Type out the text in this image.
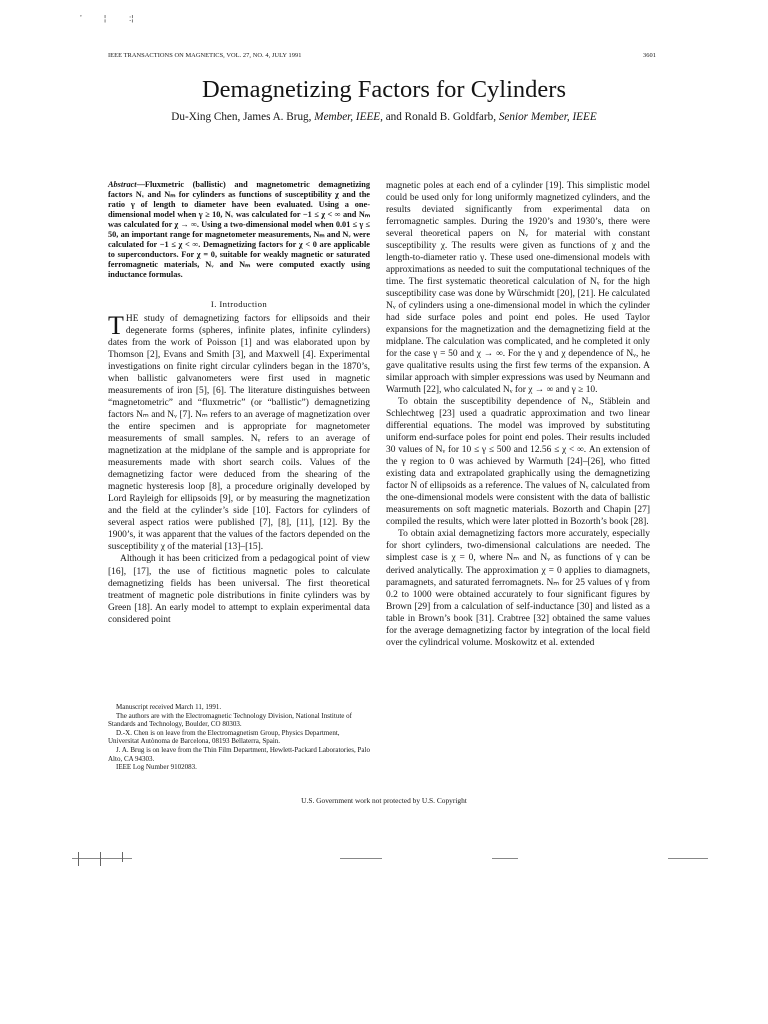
’	¦	:¦
IEEE TRANSACTIONS ON MAGNETICS, VOL. 27, NO. 4, JULY 1991	3601
Demagnetizing Factors for Cylinders
Du-Xing Chen, James A. Brug, Member, IEEE, and Ronald B. Goldfarb, Senior Member, IEEE
Abstract—Fluxmetric (ballistic) and magnetometric demagnetizing factors Nᵥ and Nₘ for cylinders as functions of susceptibility χ and the ratio γ of length to diameter have been evaluated. Using a one-dimensional model when γ ≥ 10, Nᵥ was calculated for −1 ≤ χ < ∞ and Nₘ was calculated for χ → ∞. Using a two-dimensional model when 0.01 ≤ γ ≤ 50, an important range for magnetometer measurements, Nₘ and Nᵥ were calculated for −1 ≤ χ < ∞. Demagnetizing factors for χ < 0 are applicable to superconductors. For χ = 0, suitable for weakly magnetic or saturated ferromagnetic materials, Nᵥ and Nₘ were computed exactly using inductance formulas.
I. Introduction

THE study of demagnetizing factors for ellipsoids and their degenerate forms (spheres, infinite plates, infinite cylinders) dates from the work of Poisson [1] and was elaborated upon by Thomson [2], Evans and Smith [3], and Maxwell [4]. Experimental investigations on finite right circular cylinders began in the 1870’s, when ballistic galvanometers were first used in magnetic measurements of iron [5], [6]. The literature distinguishes between “magnetometric” and “fluxmetric” (or “ballistic”) demagnetizing factors Nₘ and Nᵥ [7]. Nₘ refers to an average of magnetization over the entire specimen and is appropriate for magnetometer measurements of small samples. Nᵥ refers to an average of magnetization at the midplane of the sample and is appropriate for measurements made with short search coils. Values of the demagnetizing factor were deduced from the shearing of the magnetic hysteresis loop [8], a procedure originally developed by Lord Rayleigh for ellipsoids [9], or by measuring the magnetization and the field at the cylinder’s side [10]. Factors for cylinders of several aspect ratios were published [7], [8], [11], [12]. By the 1900’s, it was apparent that the values of the factors depended on the susceptibility χ of the material [13]–[15].

Although it has been criticized from a pedagogical point of view [16], [17], the use of fictitious magnetic poles to calculate demagnetizing fields has been universal. The first theoretical treatment of magnetic pole distributions in finite cylinders was by Green [18]. An early model to attempt to explain experimental data considered point

Manuscript received March 11, 1991.

The authors are with the Electromagnetic Technology Division, National Institute of Standards and Technology, Boulder, CO 80303.

D.-X. Chen is on leave from the Electromagnetism Group, Physics Department, Universitat Autònoma de Barcelona, 08193 Bellaterra, Spain.

J. A. Brug is on leave from the Thin Film Department, Hewlett-Packard Laboratories, Palo Alto, CA 94303.

IEEE Log Number 9102083.

magnetic poles at each end of a cylinder [19]. This simplistic model could be used only for long uniformly magnetized cylinders, and the results deviated significantly from experimental data on ferromagnetic samples. During the 1920’s and 1930’s, there were several theoretical papers on Nᵥ for material with constant susceptibility χ. The results were given as functions of χ and the length-to-diameter ratio γ. These used one-dimensional models with approximations as needed to suit the computational techniques of the time. The first systematic theoretical calculation of Nᵥ for the high susceptibility case was done by Würschmidt [20], [21]. He calculated Nᵥ of cylinders using a one-dimensional model in which the cylinder had side surface poles and point end poles. He used Taylor expansions for the magnetization and the demagnetizing field at the midplane. The calculation was complicated, and he completed it only for the case γ = 50 and χ → ∞. For the γ and χ dependence of Nᵥ, he gave qualitative results using the first few terms of the expansion. A similar approach with simpler expressions was used by Neumann and Warmuth [22], who calculated Nᵥ for χ → ∞ and γ ≥ 10.

To obtain the susceptibility dependence of Nᵥ, Stäblein and Schlechtweg [23] used a quadratic approximation and two linear differential equations. The model was improved by substituting uniform end-surface poles for point end poles. Their results included 30 values of Nᵥ for 10 ≤ γ ≤ 500 and 12.56 ≤ χ < ∞. An extension of the γ region to 0 was achieved by Warmuth [24]–[26], who fitted existing data and extrapolated graphically using the demagnetizing factor N of ellipsoids as a reference. The values of Nᵥ calculated from the one-dimensional models were consistent with the data of ballistic measurements on soft magnetic materials. Bozorth and Chapin [27] compiled the results, which were later plotted in Bozorth’s book [28].

To obtain axial demagnetizing factors more accurately, especially for short cylinders, two-dimensional calculations are needed. The simplest case is χ = 0, where Nₘ and Nᵥ as functions of γ can be derived analytically. The approximation χ = 0 applies to diamagnets, paramagnets, and saturated ferromagnets. Nₘ for 25 values of γ from 0.2 to 1000 were obtained accurately to four significant figures by Brown [29] from a calculation of self-inductance [30] and listed as a table in Brown’s book [31]. Crabtree [32] obtained the same values for the average demagnetizing factor by integration of the local field over the cylindrical volume. Moskowitz et al. extended

U.S. Government work not protected by U.S. Copyright
